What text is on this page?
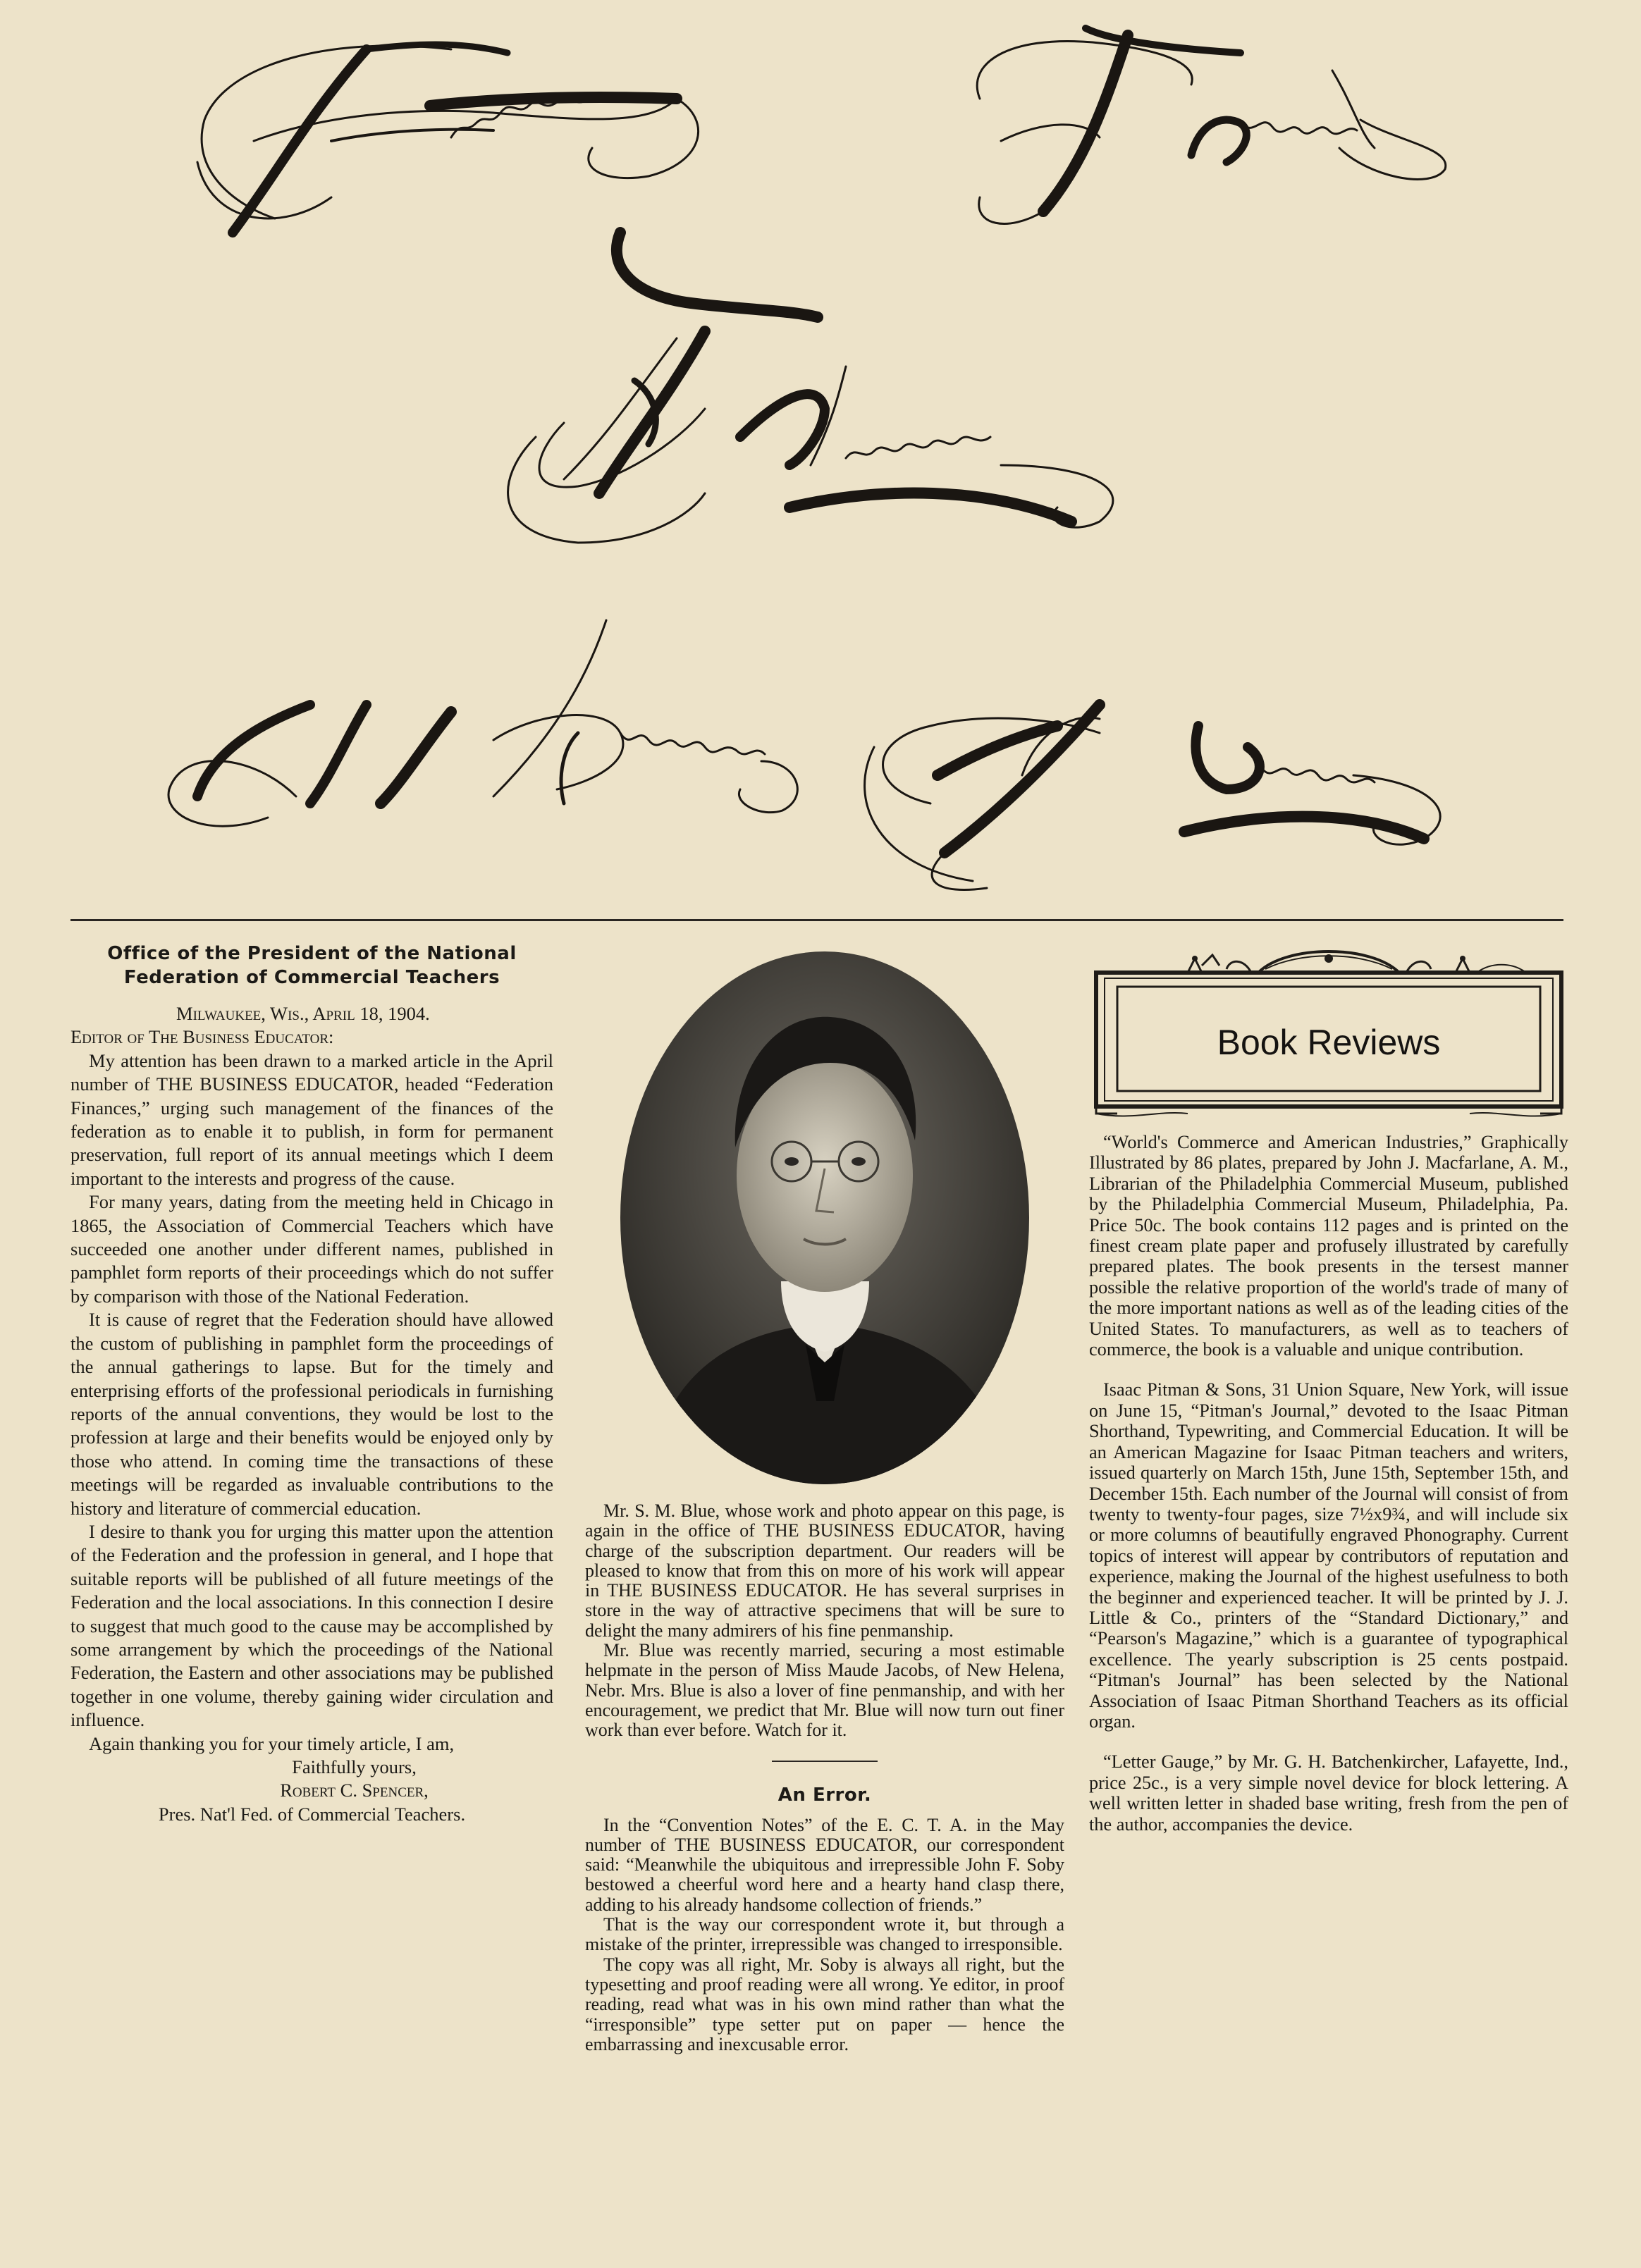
Office of the President of the National Federation of Commercial Teachers

Milwaukee, Wis., April 18, 1904.

Editor of The Business Educator:

My attention has been drawn to a marked article in the April number of THE BUSINESS EDUCATOR, headed “Federation Finances,” urging such management of the finances of the federation as to enable it to publish, in form for permanent preservation, full report of its annual meetings which I deem important to the interests and progress of the cause.

For many years, dating from the meeting held in Chicago in 1865, the Association of Commercial Teachers which have succeeded one another under different names, published in pamphlet form reports of their proceedings which do not suffer by comparison with those of the National Federation.

It is cause of regret that the Federation should have allowed the custom of publishing in pamphlet form the proceedings of the annual gatherings to lapse. But for the timely and enterprising efforts of the professional periodicals in furnishing reports of the annual conventions, they would be lost to the profession at large and their benefits would be enjoyed only by those who attend. In coming time the transactions of these meetings will be regarded as invaluable contributions to the history and literature of commercial education.

I desire to thank you for urging this matter upon the attention of the Federation and the profession in general, and I hope that suitable reports will be published of all future meetings of the Federation and the local associations. In this connection I desire to suggest that much good to the cause may be accomplished by some arrangement by which the proceedings of the National Federation, the Eastern and other associations may be published together in one volume, thereby gaining wider circulation and influence.

Again thanking you for your timely article, I am,

Faithfully yours,

Robert C. Spencer,

Pres. Nat'l Fed. of Commercial Teachers.

Mr. S. M. Blue, whose work and photo appear on this page, is again in the office of THE BUSINESS EDUCATOR, having charge of the subscription department. Our readers will be pleased to know that from this on more of his work will appear in THE BUSINESS EDUCATOR. He has several surprises in store in the way of attractive specimens that will be sure to delight the many admirers of his fine penmanship.

Mr. Blue was recently married, securing a most estimable helpmate in the person of Miss Maude Jacobs, of New Helena, Nebr. Mrs. Blue is also a lover of fine penmanship, and with her encouragement, we predict that Mr. Blue will now turn out finer work than ever before. Watch for it.

An Error.

In the “Convention Notes” of the E. C. T. A. in the May number of THE BUSINESS EDUCATOR, our correspondent said: “Meanwhile the ubiquitous and irrepressible John F. Soby bestowed a cheerful word here and a hearty hand clasp there, adding to his already handsome collection of friends.”

That is the way our correspondent wrote it, but through a mistake of the printer, irrepressible was changed to irresponsible.

The copy was all right, Mr. Soby is always all right, but the typesetting and proof reading were all wrong. Ye editor, in proof reading, read what was in his own mind rather than what the “irresponsible” type setter put on paper — hence the embarrassing and inexcusable error.

Book Reviews

“World's Commerce and American Industries,” Graphically Illustrated by 86 plates, prepared by John J. Macfarlane, A. M., Librarian of the Philadelphia Commercial Museum, published by the Philadelphia Commercial Museum, Philadelphia, Pa. Price 50c. The book contains 112 pages and is printed on the finest cream plate paper and profusely illustrated by carefully prepared plates. The book presents in the tersest manner possible the relative proportion of the world's trade of many of the more important nations as well as of the leading cities of the United States. To manufacturers, as well as to teachers of commerce, the book is a valuable and unique contribution.

Isaac Pitman & Sons, 31 Union Square, New York, will issue on June 15, “Pitman's Journal,” devoted to the Isaac Pitman Shorthand, Typewriting, and Commercial Education. It will be an American Magazine for Isaac Pitman teachers and writers, issued quarterly on March 15th, June 15th, September 15th, and December 15th. Each number of the Journal will consist of from twenty to twenty-four pages, size 7½x9¾, and will include six or more columns of beautifully engraved Phonography. Current topics of interest will appear by contributors of reputation and experience, making the Journal of the highest usefulness to both the beginner and experienced teacher. It will be printed by J. J. Little & Co., printers of the “Standard Dictionary,” and “Pearson's Magazine,” which is a guarantee of typographical excellence. The yearly subscription is 25 cents postpaid. “Pitman's Journal” has been selected by the National Association of Isaac Pitman Shorthand Teachers as its official organ.

“Letter Gauge,” by Mr. G. H. Batchenkircher, Lafayette, Ind., price 25c., is a very simple novel device for block lettering. A well written letter in shaded base writing, fresh from the pen of the author, accompanies the device.
